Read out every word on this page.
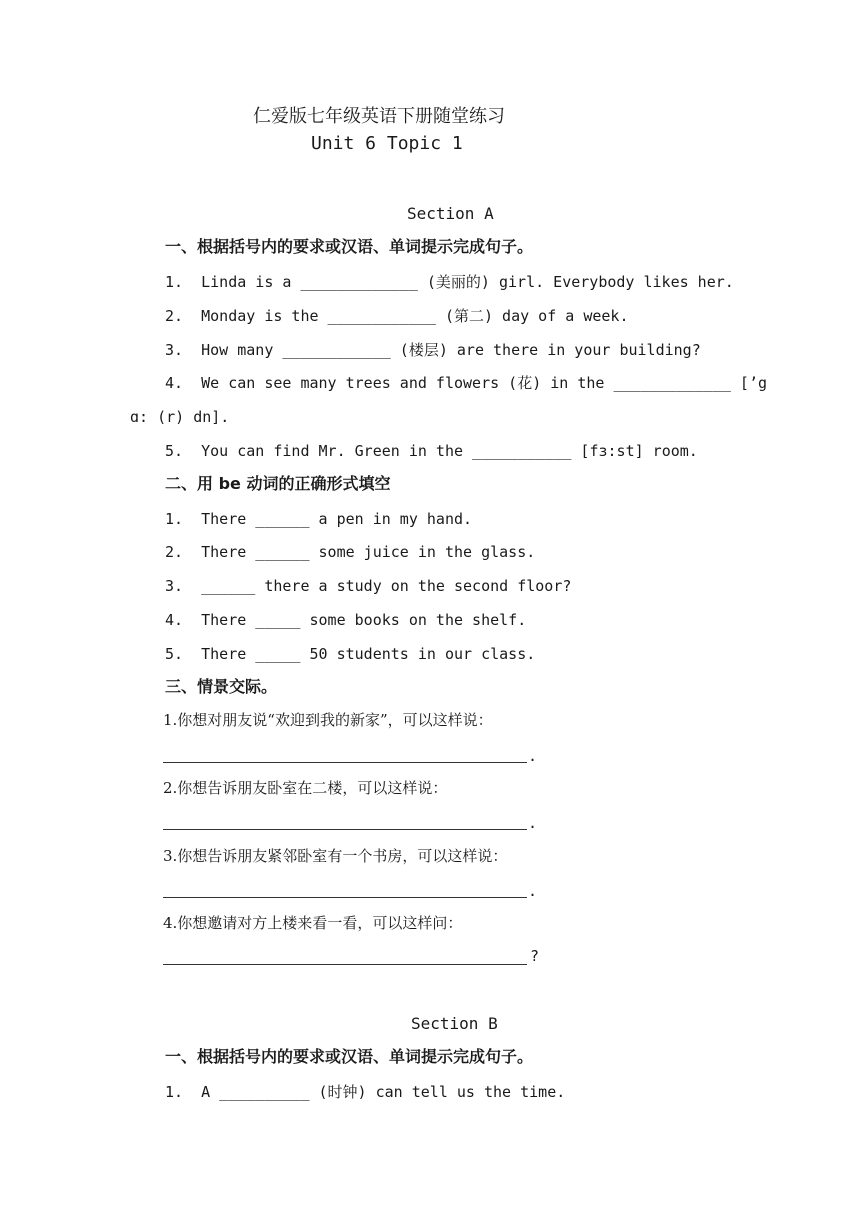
仁爱版七年级英语下册随堂练习
Unit 6 Topic 1
Section A
一、根据括号内的要求或汉语、单词提示完成句子。
1.  Linda is a _____________ (美丽的) girl. Everybody likes her.
2.  Monday is the ____________ (第二) day of a week.
3.  How many ____________ (楼层) are there in your building?
4.  We can see many trees and flowers (花) in the _____________ [’g
ɑ: (r) dn].
5.  You can find Mr. Green in the ___________ [fɜ:st] room.
二、用 be 动词的正确形式填空
1.  There ______ a pen in my hand.
2.  There ______ some juice in the glass.
3.  ______ there a study on the second floor?
4.  There _____ some books on the shelf.
5.  There _____ 50 students in our class.
三、情景交际。
1.你想对朋友说“欢迎到我的新家”，可以这样说：
.
2.你想告诉朋友卧室在二楼，可以这样说：
.
3.你想告诉朋友紧邻卧室有一个书房，可以这样说：
.
4.你想邀请对方上楼来看一看，可以这样问：
?
Section B
一、根据括号内的要求或汉语、单词提示完成句子。
1.  A __________ (时钟) can tell us the time.
